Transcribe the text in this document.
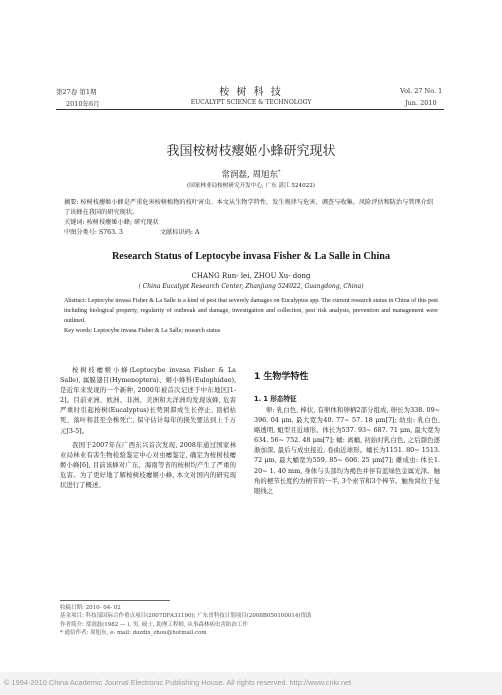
第27卷 第1期	桉 树 科 技	Vol. 27 No. 1
2010年6月	EUCALYPT SCIENCE & TECHNOLOGY	Jun. 2010
我国桉树枝瘿姬小蜂研究现状
常润磊, 周旭东*
(国家林业局桉树研究开发中心, 广东 湛江 524022)
摘要: 桉树枝瘿姬小蜂是严重危害桉树植物的枝叶害虫。本文从生物学特性、发生规律与危害、调查与收集、风险评估和防治与管理介绍了该蜂在我国的研究现状。
关键词: 桉树枝瘿姬小蜂; 研究现状
中图分类号: S763. 3	文献标识码: A
Research Status of Leptocybe invasa Fisher & La Salle in China
CHANG Run- lei, ZHOU Xu- dong
( China Eucalypt Research Center, Zhanjiang 524022, Guangdong, China)
Abstract: Leptocybe invasa Fisher & La Salle is a kind of pest that severely damages on Eucalyptus spp. The current research status in China of this pest including biological property, regularity of outbreak and damage, investigation and collection, pest risk analysis, prevention and management were outlined.
Key words: Leptocybe invasa Fisher & La Salle; research status

桉树枝瘿姬小蜂(Leptocybe invasa Fisher & La Salle), 属膜翅目(Hymenoptera)、姬小蜂科(Eulophidae), 是近年来发现的一个新种, 2000年被首次记述于中东地区[1-2]。目前亚洲、欧洲、非洲、美洲和大洋洲均发现该蜂, 危害严重时引起桉树(Eucalyptus)长势困滞或生长停止, 顶梢枯死、落叶和甚至全株死亡, 保守估计每年的损失要达到上千万元[3-5]。

我国于2007年在广西东兴首次发现, 2008年通过国家林业局林业有害生物检验鉴定中心对虫瘿鉴定, 确定为桉树枝瘿姬小蜂[6], 目前该蜂对广东、海南等省的桉树均产生了严重的危害。为了更好地了解桉树枝瘿姬小蜂, 本文对国内的研究现状进行了概述。

1 生物学特性
1. 1 形态特征

卵: 乳白色, 棒状, 有卵体和卵柄2部分组成, 卵长为338. 09~ 396. 04 μm, 最大宽为40. 77~ 57. 18 μm[7]; 幼虫: 乳白色, 略透明, 蛆型且近球形。体长为537. 93~ 687. 71 μm, 最大宽为634. 56~ 752. 48 μm[7]; 蛹: 离蛹, 初始时乳白色, 之后颜色逐渐加深, 最后与成虫接近, 卷曲近球形。蛹长为1151. 80~ 1513. 72 μm, 最大蛹宽为559. 85~ 606. 25 μm[7]; 雌成虫: 体长1. 20~ 1. 40 mm, 身体与头部均为褐色并伴有蓝绿色金属光泽。触角的梗节长度约为柄节的一半, 3个索节和3个棒节。触角窝位于复眼线之

收稿日期: 2010- 04- 02
基金项目: 科技部国际合作重点项目(2007DFA31190); 广东省科技计划项目(2008B050100014)资助
作者简介: 常润磊(1982 — ), 男, 硕士, 助理工程师, 从事森林病虫害防治工作
* 通信作者: 周旭东, e- mail: dazdix_zhou@hotmail.com
© 1994-2010 China Academic Journal Electronic Publishing House. All rights reserved. http://www.cnki.net
